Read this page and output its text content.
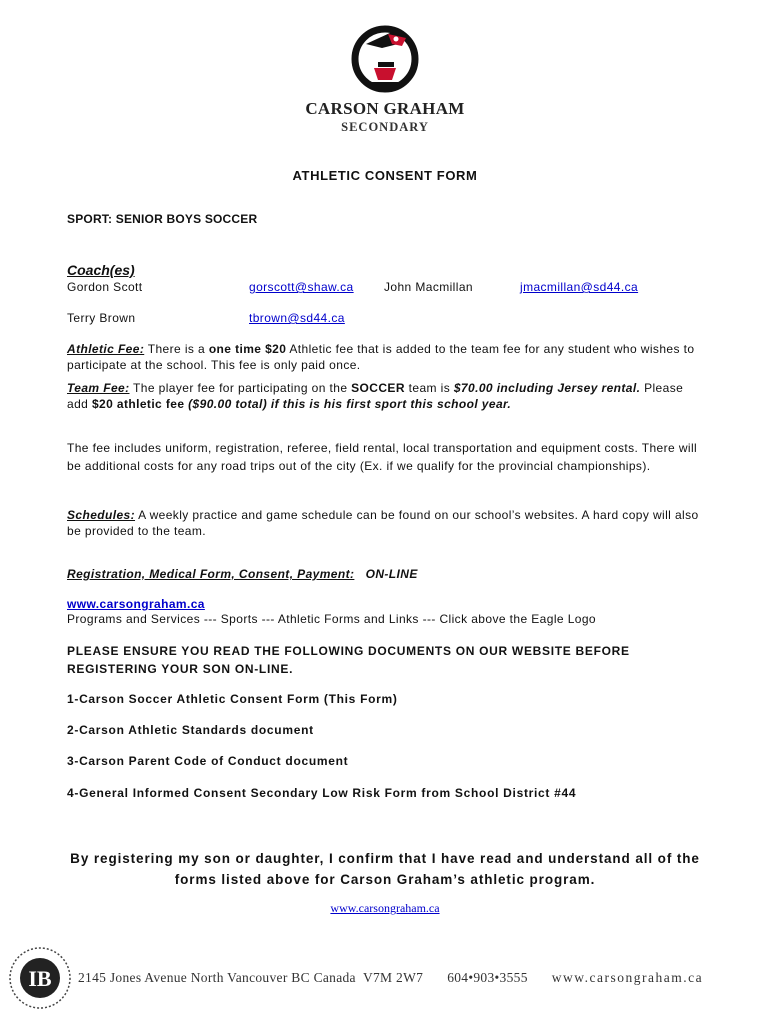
CARSON GRAHAM
SECONDARY
ATHLETIC CONSENT FORM
SPORT: SENIOR BOYS SOCCER
Coach(es)
Gordon Scott	gorscott@shaw.ca	John Macmillan	jmacmillan@sd44.ca
Terry Brown	tbrown@sd44.ca
Athletic Fee: There is a one time $20 Athletic fee that is added to the team fee for any student who wishes to participate at the school. This fee is only paid once.
Team Fee: The player fee for participating on the SOCCER team is $70.00 including Jersey rental. Please add $20 athletic fee ($90.00 total) if this is his first sport this school year.
The fee includes uniform, registration, referee, field rental, local transportation and equipment costs. There will be additional costs for any road trips out of the city (Ex. if we qualify for the provincial championships).
Schedules: A weekly practice and game schedule can be found on our school’s websites. A hard copy will also be provided to the team.
Registration, Medical Form, Consent, Payment: ON-LINE
www.carsongraham.ca
Programs and Services --- Sports --- Athletic Forms and Links --- Click above the Eagle Logo
PLEASE ENSURE YOU READ THE FOLLOWING DOCUMENTS ON OUR WEBSITE BEFORE REGISTERING YOUR SON ON-LINE.
1-Carson Soccer Athletic Consent Form (This Form)
2-Carson Athletic Standards document
3-Carson Parent Code of Conduct document
4-General Informed Consent Secondary Low Risk Form from School District #44
By registering my son or daughter, I confirm that I have read and understand all of the forms listed above for Carson Graham’s athletic program.
www.carsongraham.ca
IB 2145 Jones Avenue North Vancouver BC Canada  V7M 2W7 604•903•3555 www.carsongraham.ca
